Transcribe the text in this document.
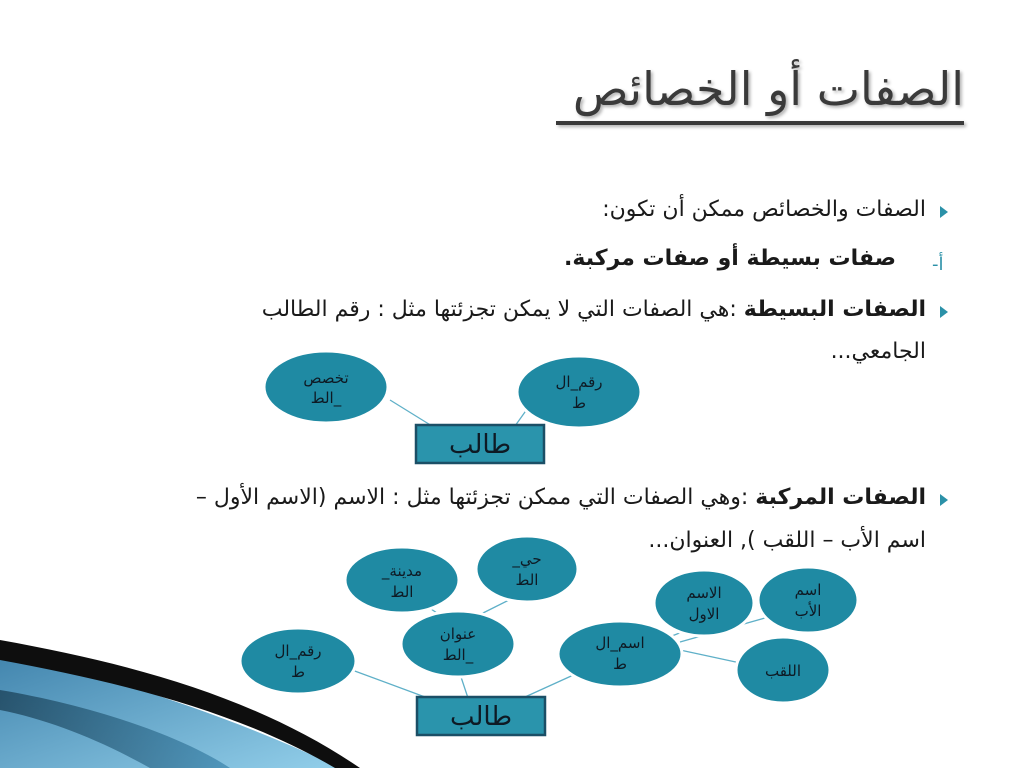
الصفات أو الخصائص
الصفات والخصائص ممكن أن تكون:
أ-
صفات بسيطة أو صفات مركبة.
الصفات البسيطة :هي الصفات التي لا يمكن تجزئتها مثل : رقم الطالب
الجامعي...
الصفات المركبة :وهي الصفات التي ممكن تجزئتها مثل : الاسم (الاسم الأول –
اسم الأب – اللقب ), العنوان...
تخصص
_الط
رقم_ال
ط
طالب
رقم_ال
ط
مدينة_
الط
حي_
الط
عنوان
_الط
اسم_ال
ط
الاسم
الاول
اسم
الأب
اللقب
طالب
